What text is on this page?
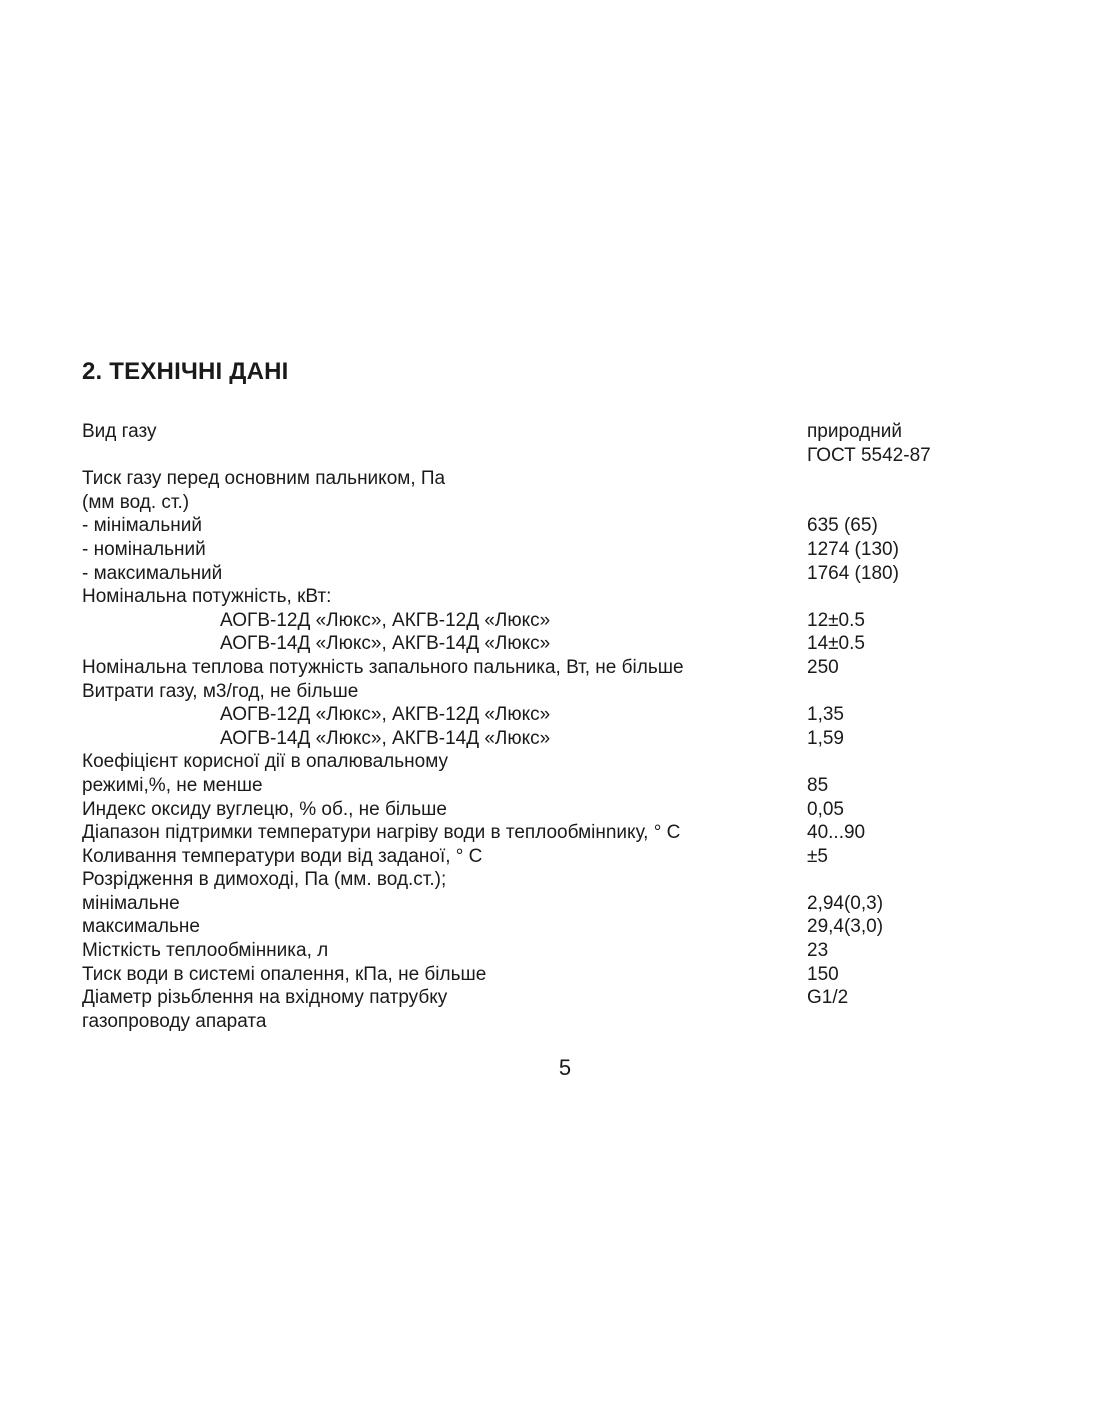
2. ТЕХНІЧНІ ДАНІ
Вид газу	природний
ГОСТ 5542-87
Тиск газу перед основним пальником, Па
(мм вод. ст.)
- мінімальний	635 (65)
- номінальний	1274 (130)
- максимальний	1764 (180)
Номінальна потужність, кВт:
АОГВ-12Д «Люкс», АКГВ-12Д «Люкс»	12±0.5
АОГВ-14Д «Люкс», АКГВ-14Д «Люкс»	14±0.5
Номінальна теплова потужність запального пальника, Вт, не більше	250
Витрати газу, м3/год, не більше
АОГВ-12Д «Люкс», АКГВ-12Д «Люкс»	1,35
АОГВ-14Д «Люкс», АКГВ-14Д «Люкс»	1,59
Коефіцієнт корисної дії в опалювальному
режимі,%, не менше	85
Индекс оксиду вуглецю, % об., не більше	0,05
Діапазон підтримки температури нагріву води в теплообмінnику, ° С	40...90
Коливання температури води від заданої, ° С	±5
Розрідження в димоході, Па (мм. вод.ст.);
мінімальне	2,94(0,3)
максимальне	29,4(3,0)
Місткість теплообмінника, л	23
Тиск води в системі опалення, кПа, не більше	150
Діаметр різьблення на вхідному патрубку	G1/2
газопроводу апарата
5
